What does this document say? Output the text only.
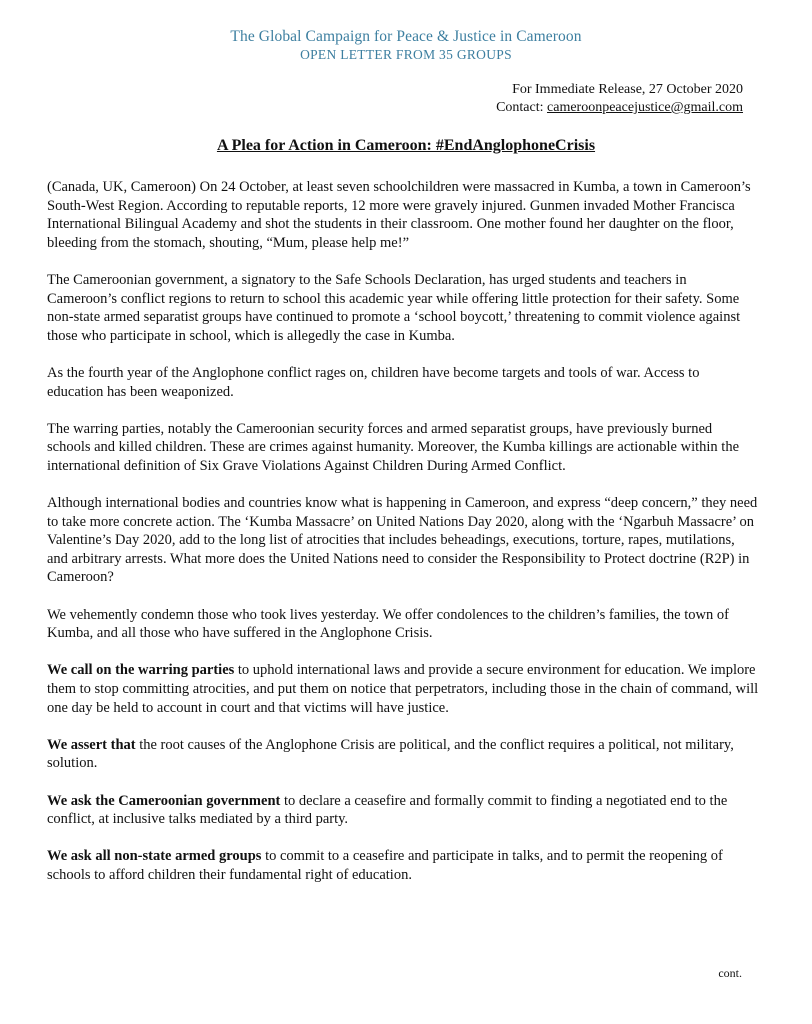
The Global Campaign for Peace & Justice in Cameroon
OPEN LETTER FROM 35 GROUPS
For Immediate Release, 27 October 2020
Contact: cameroonpeacejustice@gmail.com
A Plea for Action in Cameroon: #EndAnglophoneCrisis

(Canada, UK, Cameroon) On 24 October, at least seven schoolchildren were massacred in Kumba, a town in Cameroon’s South-West Region. According to reputable reports, 12 more were gravely injured. Gunmen invaded Mother Francisca International Bilingual Academy and shot the students in their classroom. One mother found her daughter on the floor, bleeding from the stomach, shouting, “Mum, please help me!”

The Cameroonian government, a signatory to the Safe Schools Declaration, has urged students and teachers in Cameroon’s conflict regions to return to school this academic year while offering little protection for their safety. Some non-state armed separatist groups have continued to promote a ‘school boycott,’ threatening to commit violence against those who participate in school, which is allegedly the case in Kumba.

As the fourth year of the Anglophone conflict rages on, children have become targets and tools of war. Access to education has been weaponized.

The warring parties, notably the Cameroonian security forces and armed separatist groups, have previously burned schools and killed children. These are crimes against humanity. Moreover, the Kumba killings are actionable within the international definition of Six Grave Violations Against Children During Armed Conflict.

Although international bodies and countries know what is happening in Cameroon, and express “deep concern,” they need to take more concrete action. The ‘Kumba Massacre’ on United Nations Day 2020, along with the ‘Ngarbuh Massacre’ on Valentine’s Day 2020, add to the long list of atrocities that includes beheadings, executions, torture, rapes, mutilations, and arbitrary arrests. What more does the United Nations need to consider the Responsibility to Protect doctrine (R2P) in Cameroon?

We vehemently condemn those who took lives yesterday. We offer condolences to the children’s families, the town of Kumba, and all those who have suffered in the Anglophone Crisis.

We call on the warring parties to uphold international laws and provide a secure environment for education. We implore them to stop committing atrocities, and put them on notice that perpetrators, including those in the chain of command, will one day be held to account in court and that victims will have justice.

We assert that the root causes of the Anglophone Crisis are political, and the conflict requires a political, not military, solution.

We ask the Cameroonian government to declare a ceasefire and formally commit to finding a negotiated end to the conflict, at inclusive talks mediated by a third party.

We ask all non-state armed groups to commit to a ceasefire and participate in talks, and to permit the reopening of schools to afford children their fundamental right of education.

cont.
